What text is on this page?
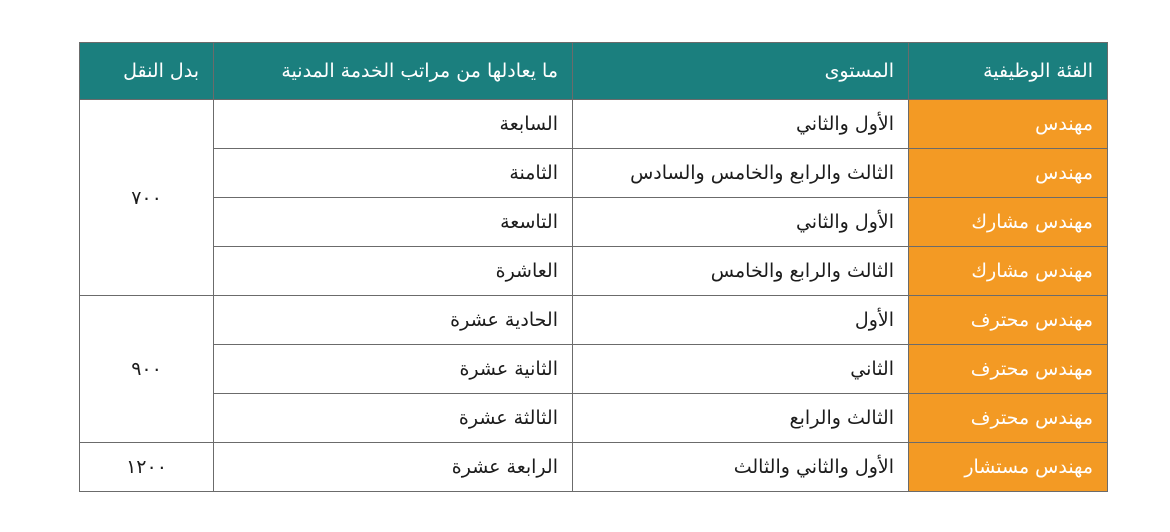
الفئة الوظيفية	المستوى	ما يعادلها من مراتب الخدمة المدنية	بدل النقل
مهندس	الأول والثاني	السابعة	٧٠٠
مهندس	الثالث والرابع والخامس والسادس	الثامنة	
مهندس مشارك	الأول والثاني	التاسعة	
مهندس مشارك	الثالث والرابع والخامس	العاشرة	
مهندس محترف	الأول	الحادية عشرة	٩٠٠
مهندس محترف	الثاني	الثانية عشرة	
مهندس محترف	الثالث والرابع	الثالثة عشرة	
مهندس مستشار	الأول والثاني والثالث	الرابعة عشرة	١٢٠٠
